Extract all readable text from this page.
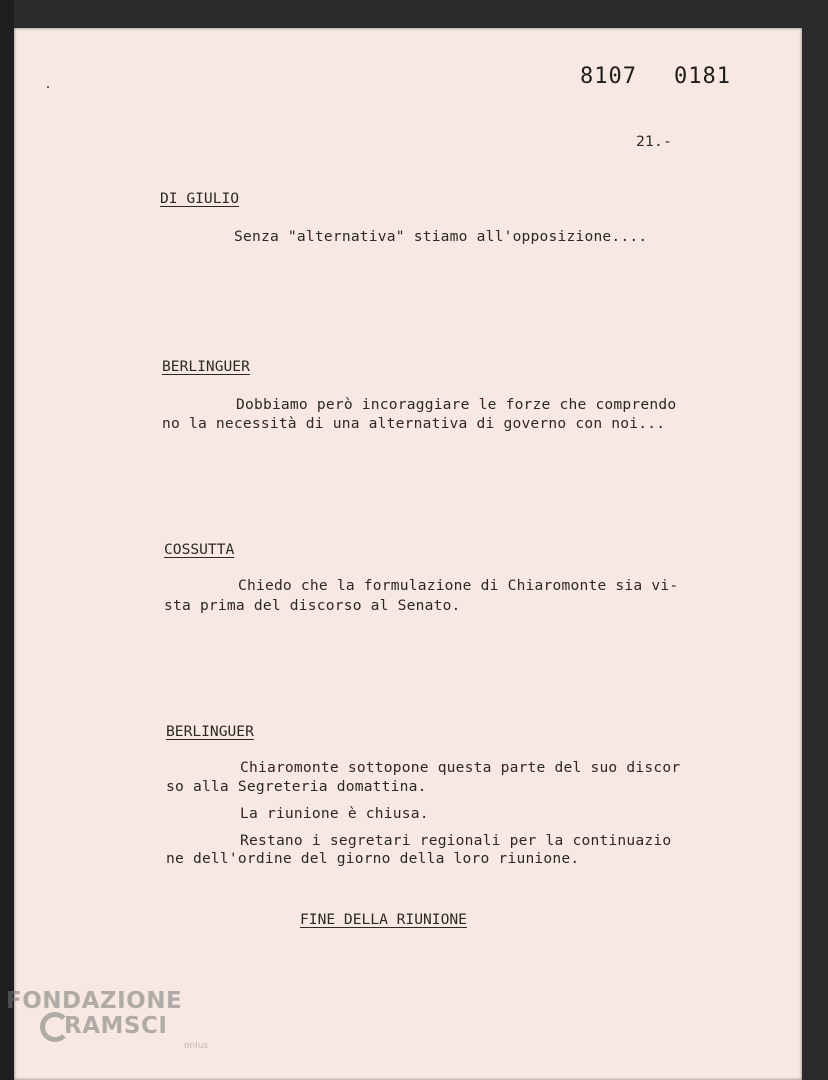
8107 0181
21.-
DI GIULIO
Senza "alternativa" stiamo all'opposizione....
BERLINGUER
Dobbiamo però incoraggiare le forze che comprendo
no la necessità di una alternativa di governo con noi...
COSSUTTA
Chiedo che la formulazione di Chiaromonte sia vi-
sta prima del discorso al Senato.
BERLINGUER
Chiaromonte sottopone questa parte del suo discor
so alla Segreteria domattina.
La riunione è chiusa.
Restano i segretari regionali per la continuazio
ne dell'ordine del giorno della loro riunione.
FINE DELLA RIUNIONE
FONDAZIONE
RAMSCI
onlus
